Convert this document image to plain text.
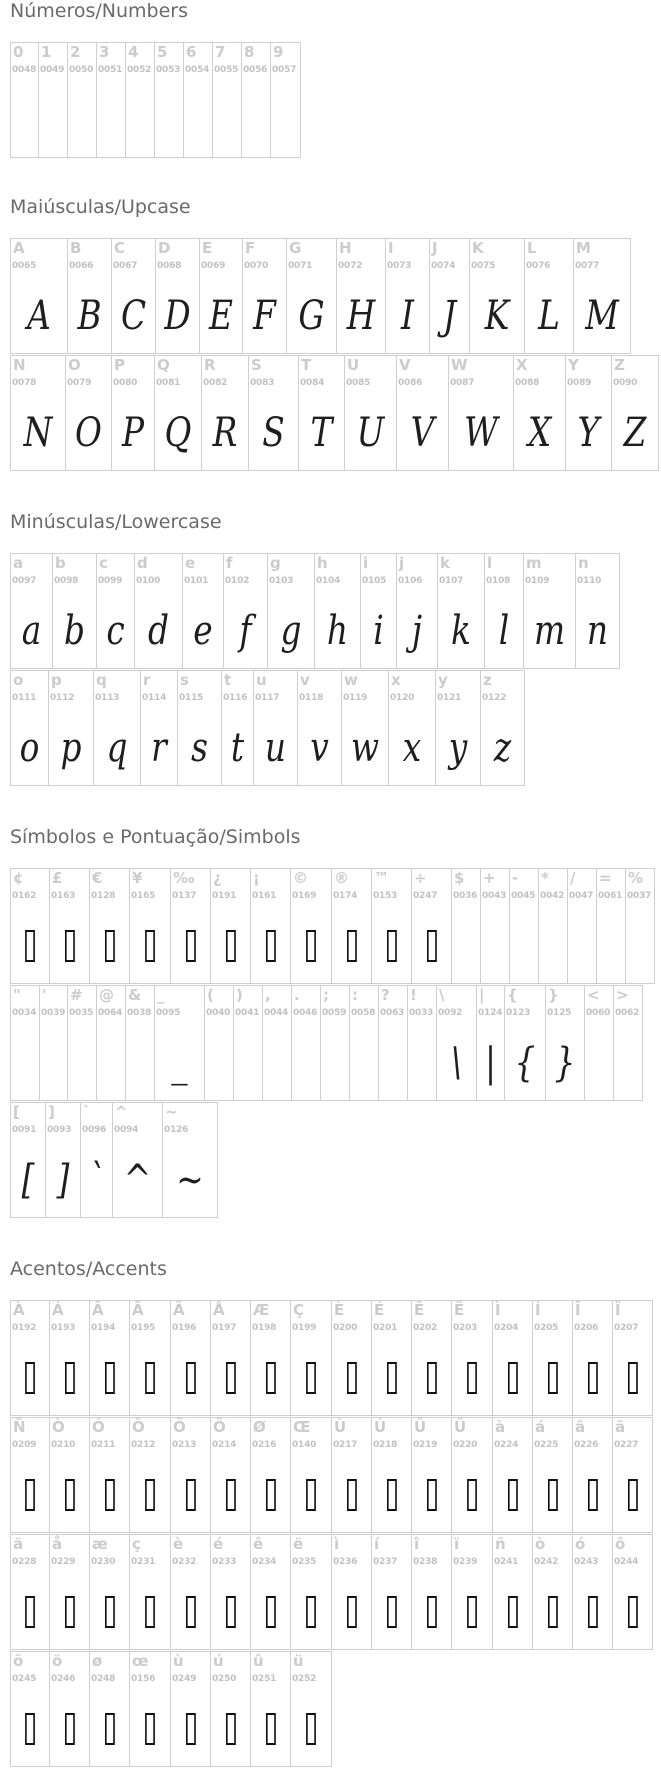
Números/Numbers
0
0048
1
0049
2
0050
3
0051
4
0052
5
0053
6
0054
7
0055
8
0056
9
0057
Maiúsculas/Upcase
A
0065
A
B
0066
B
C
0067
C
D
0068
D
E
0069
E
F
0070
F
G
0071
G
H
0072
H
I
0073
I
J
0074
J
K
0075
K
L
0076
L
M
0077
M
N
0078
N
O
0079
O
P
0080
P
Q
0081
Q
R
0082
R
S
0083
S
T
0084
T
U
0085
U
V
0086
V
W
0087
W
X
0088
X
Y
0089
Y
Z
0090
Z
Minúsculas/Lowercase
a
0097
a
b
0098
b
c
0099
c
d
0100
d
e
0101
e
f
0102
f
g
0103
g
h
0104
h
i
0105
i
j
0106
j
k
0107
k
l
0108
l
m
0109
m
n
0110
n
o
0111
o
p
0112
p
q
0113
q
r
0114
r
s
0115
s
t
0116
t
u
0117
u
v
0118
v
w
0119
w
x
0120
x
y
0121
y
z
0122
z
Símbolos e Pontuação/Simbols
¢
0162
£
0163
€
0128
¥
0165
‰
0137
¿
0191
¡
0161
©
0169
®
0174
™
0153
÷
0247
$
0036
+
0043
-
0045
*
0042
/
0047
=
0061
%
0037
"
0034
'
0039
#
0035
@
0064
&
0038
_
0095
_
(
0040
)
0041
,
0044
.
0046
;
0059
:
0058
?
0063
!
0033
\
0092
\
|
0124
|
{
0123
{
}
0125
}
<
0060
>
0062
[
0091
[
]
0093
]
`
0096
`
^
0094
^
~
0126
~
Acentos/Accents
À
0192
Á
0193
Â
0194
Ã
0195
Ä
0196
Å
0197
Æ
0198
Ç
0199
È
0200
É
0201
Ê
0202
Ë
0203
Ì
0204
Í
0205
Î
0206
Ï
0207
Ñ
0209
Ò
0210
Ó
0211
Ô
0212
Õ
0213
Ö
0214
Ø
0216
Œ
0140
Ù
0217
Ú
0218
Û
0219
Ü
0220
à
0224
á
0225
â
0226
ã
0227
ä
0228
å
0229
æ
0230
ç
0231
è
0232
é
0233
ê
0234
ë
0235
ì
0236
í
0237
î
0238
ï
0239
ñ
0241
ò
0242
ó
0243
ô
0244
õ
0245
ö
0246
ø
0248
œ
0156
ù
0249
ú
0250
û
0251
ü
0252
